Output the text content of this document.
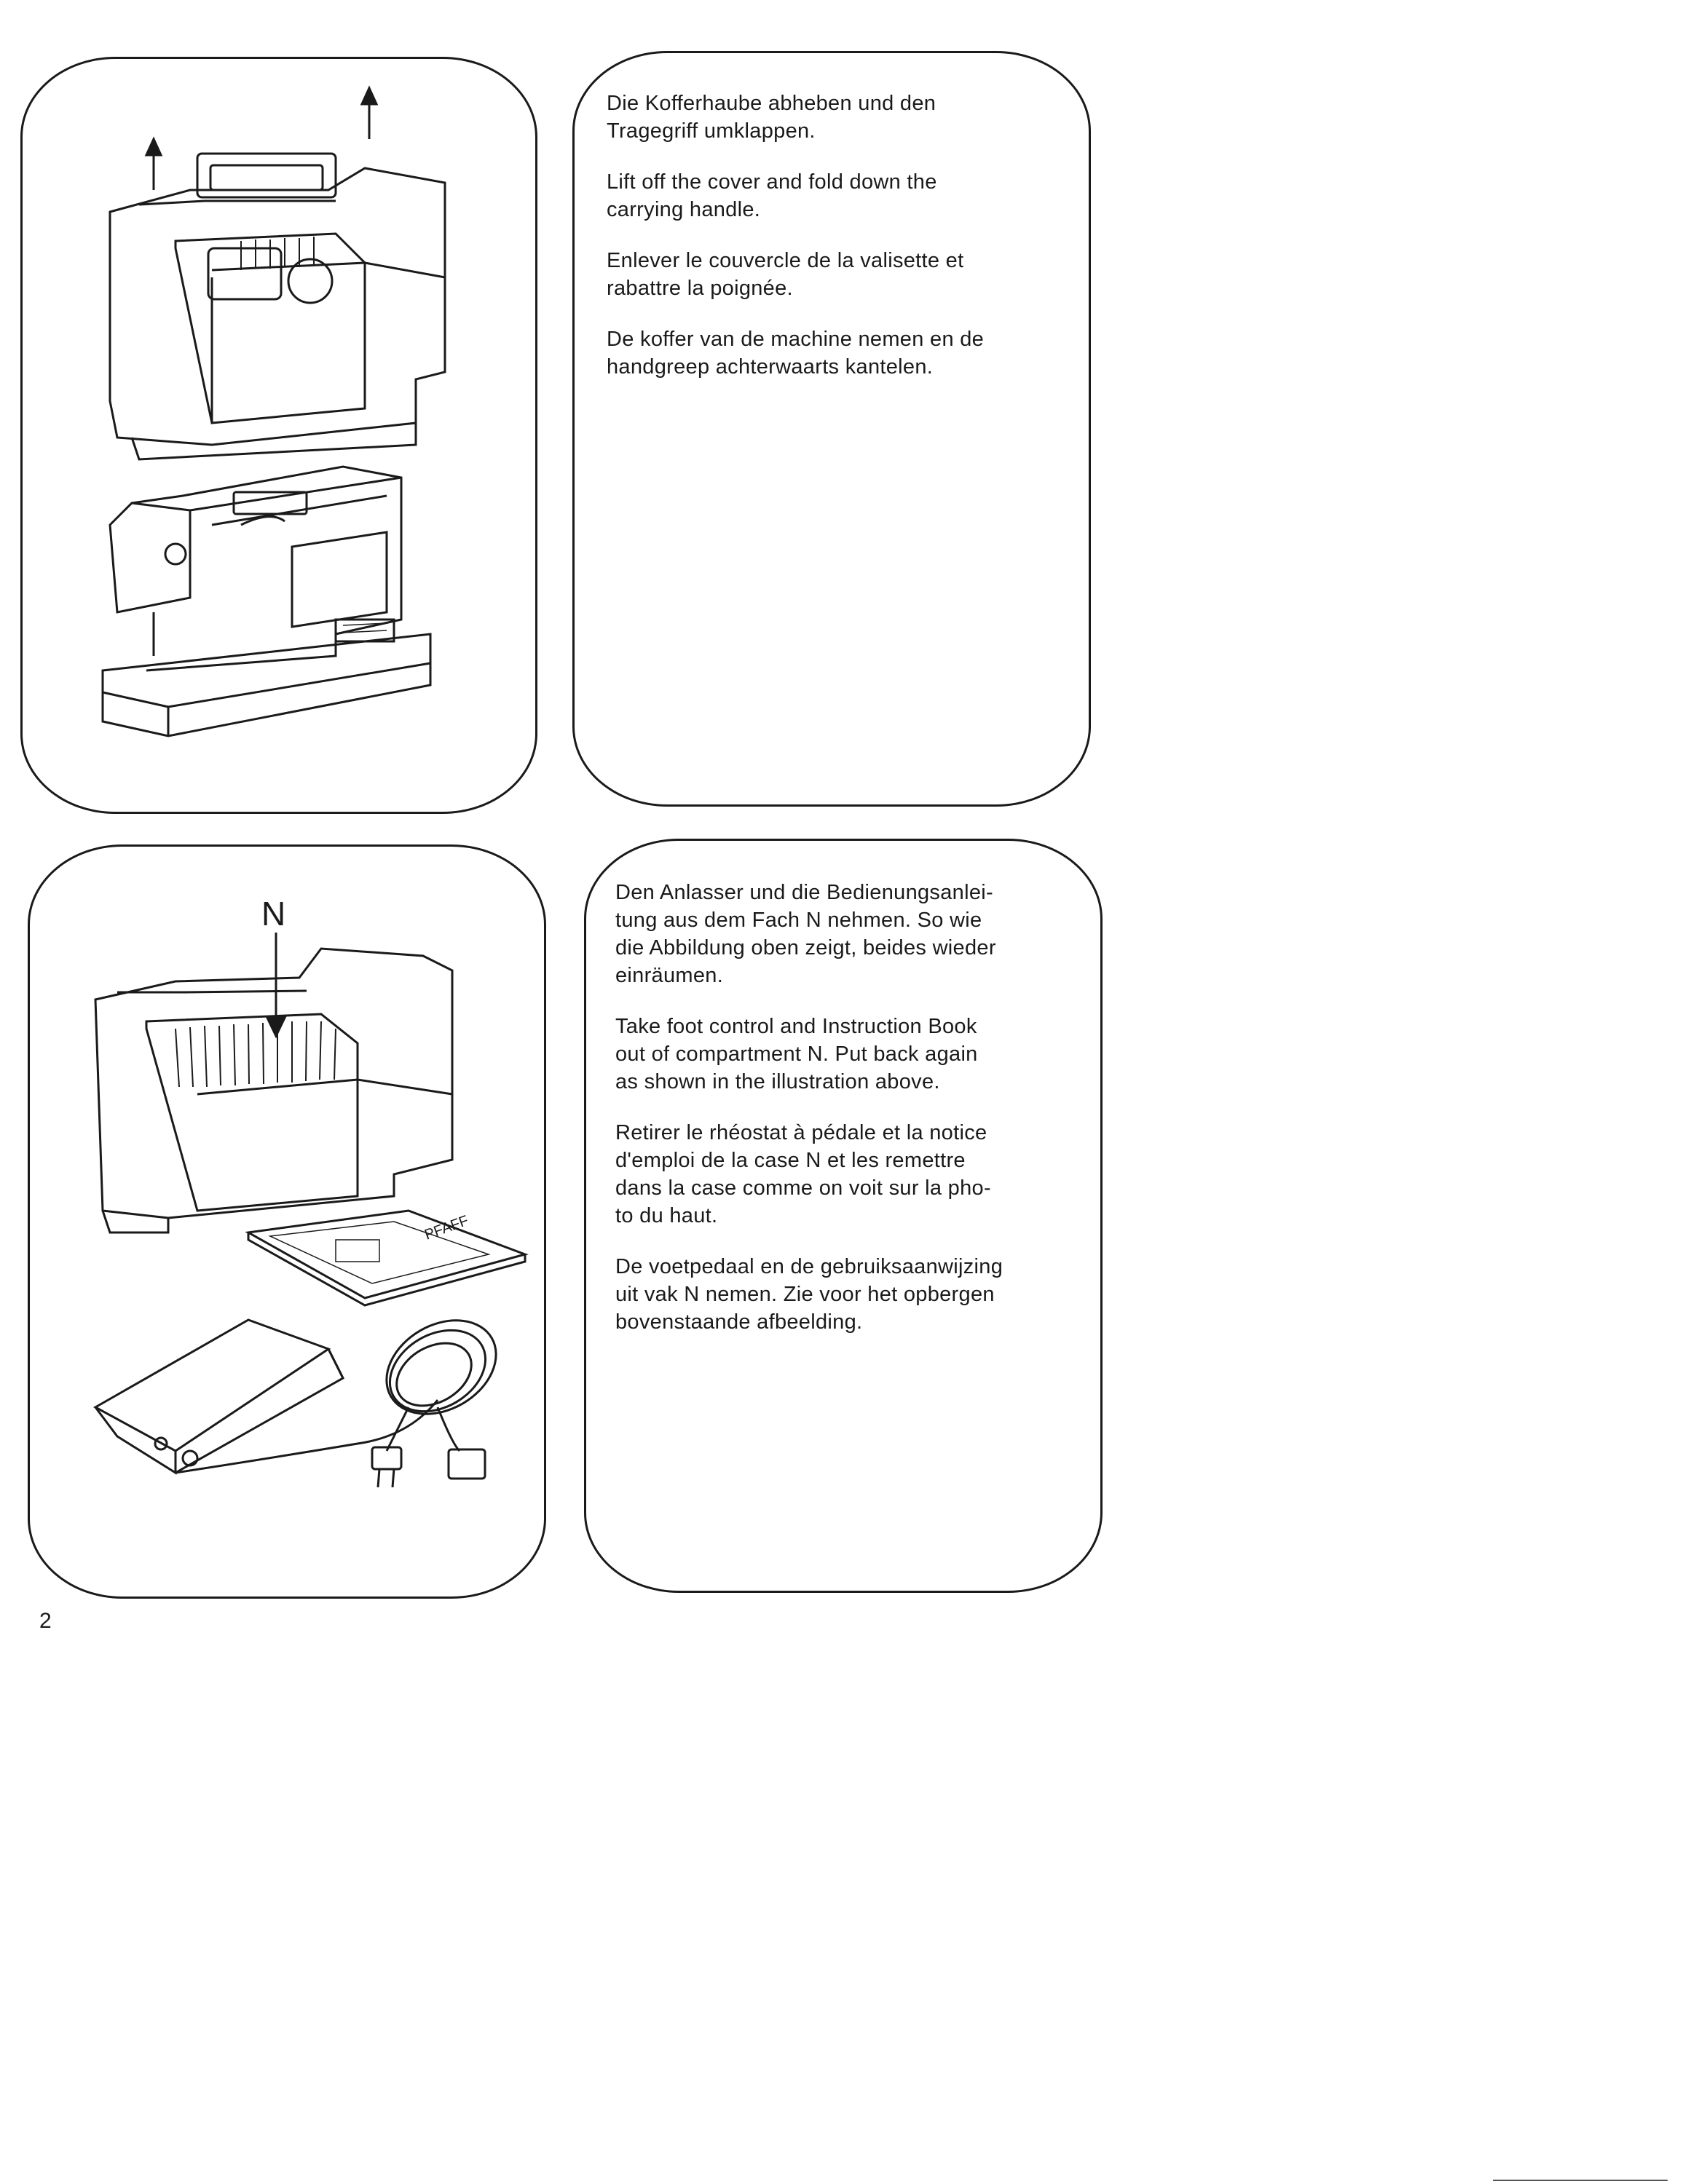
Die Kofferhaube abheben und den
Tragegriff umklappen.

Lift off the cover and fold down the
carrying handle.

Enlever le couvercle de la valisette et
rabattre la poignée.

De koffer van de machine nemen en de
handgreep achterwaarts kantelen.

N
PFAFF

Den Anlasser und die Bedienungsanlei-
tung aus dem Fach N nehmen. So wie
die Abbildung oben zeigt, beides wieder
einräumen.

Take foot control and Instruction Book
out of compartment N. Put back again
as shown in the illustration above.

Retirer le rhéostat à pédale et la notice
d'emploi de la case N et les remettre
dans la case comme on voit sur la pho-
to du haut.

De voetpedaal en de gebruiksaanwijzing
uit vak N nemen. Zie voor het opbergen
bovenstaande afbeelding.

2
